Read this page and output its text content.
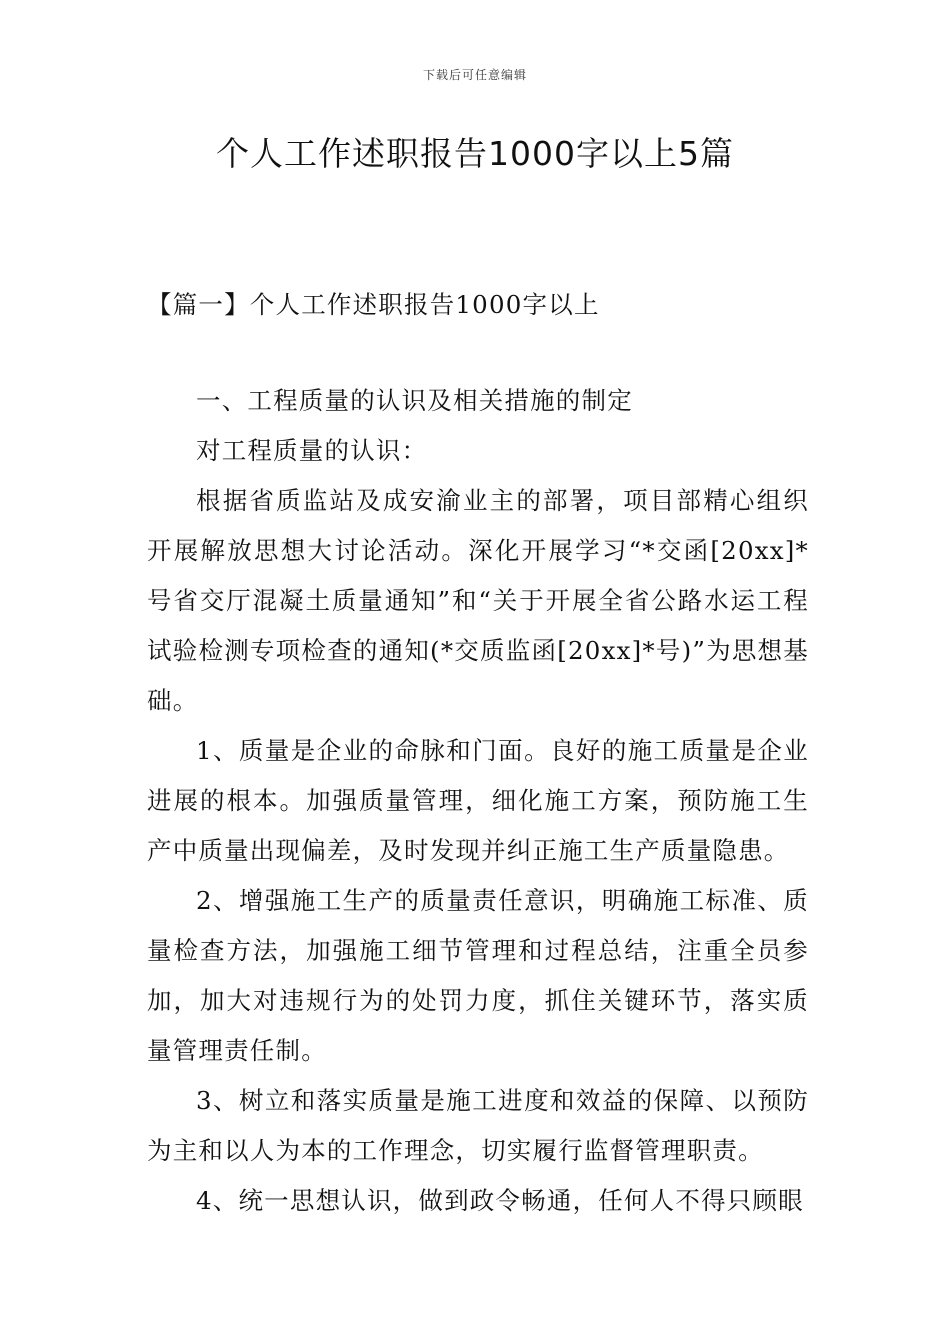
下载后可任意编辑
个人工作述职报告1000字以上5篇
【篇一】个人工作述职报告1000字以上

一、工程质量的认识及相关措施的制定

对工程质量的认识：

根据省质监站及成安渝业主的部署，项目部精心组织开展解放思想大讨论活动。深化开展学习“*交函[20xx]*号省交厅混凝土质量通知”和“关于开展全省公路水运工程试验检测专项检查的通知(*交质监函[20xx]*号)”为思想基础。

1、质量是企业的命脉和门面。良好的施工质量是企业进展的根本。加强质量管理，细化施工方案，预防施工生产中质量出现偏差，及时发现并纠正施工生产质量隐患。

2、增强施工生产的质量责任意识，明确施工标准、质量检查方法，加强施工细节管理和过程总结，注重全员参加，加大对违规行为的处罚力度，抓住关键环节，落实质量管理责任制。

3、树立和落实质量是施工进度和效益的保障、以预防为主和以人为本的工作理念，切实履行监督管理职责。

4、统一思想认识，做到政令畅通，任何人不得只顾眼
